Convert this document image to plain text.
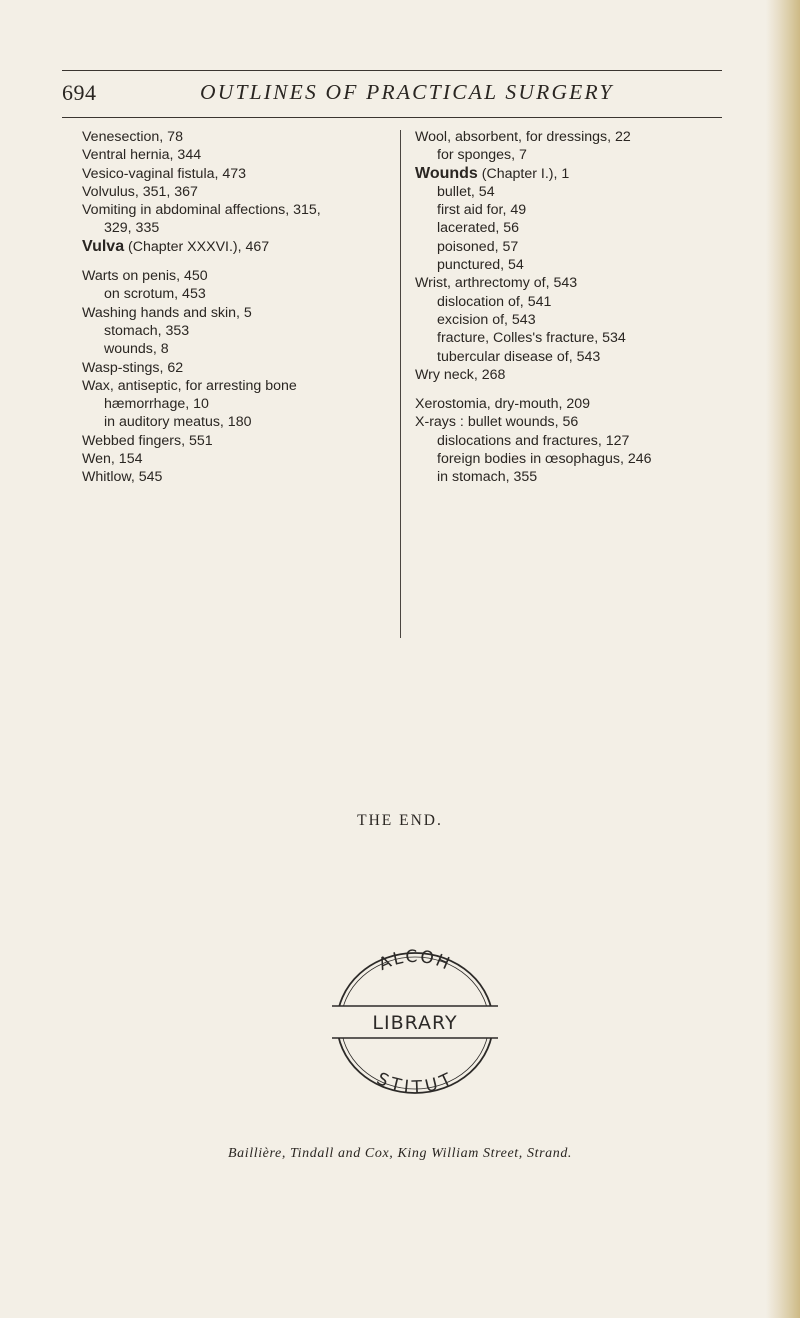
694	OUTLINES OF PRACTICAL SURGERY
Venesection, 78
Ventral hernia, 344
Vesico-vaginal fistula, 473
Volvulus, 351, 367
Vomiting in abdominal affections, 315,
329, 335
Vulva (Chapter XXXVI.), 467
Warts on penis, 450
on scrotum, 453
Washing hands and skin, 5
stomach, 353
wounds, 8
Wasp-stings, 62
Wax, antiseptic, for arresting bone
hæmorrhage, 10
in auditory meatus, 180
Webbed fingers, 551
Wen, 154
Whitlow, 545
Wool, absorbent, for dressings, 22
for sponges, 7
Wounds (Chapter I.), 1
bullet, 54
first aid for, 49
lacerated, 56
poisoned, 57
punctured, 54
Wrist, arthrectomy of, 543
dislocation of, 541
excision of, 543
fracture, Colles's fracture, 534
tubercular disease of, 543
Wry neck, 268
Xerostomia, dry-mouth, 209
X-rays : bullet wounds, 56
dislocations and fractures, 127
foreign bodies in œsophagus, 246
in stomach, 355
THE END.
ALCOH
LIBRARY
STITUT
Baillière, Tindall and Cox, King William Street, Strand.
